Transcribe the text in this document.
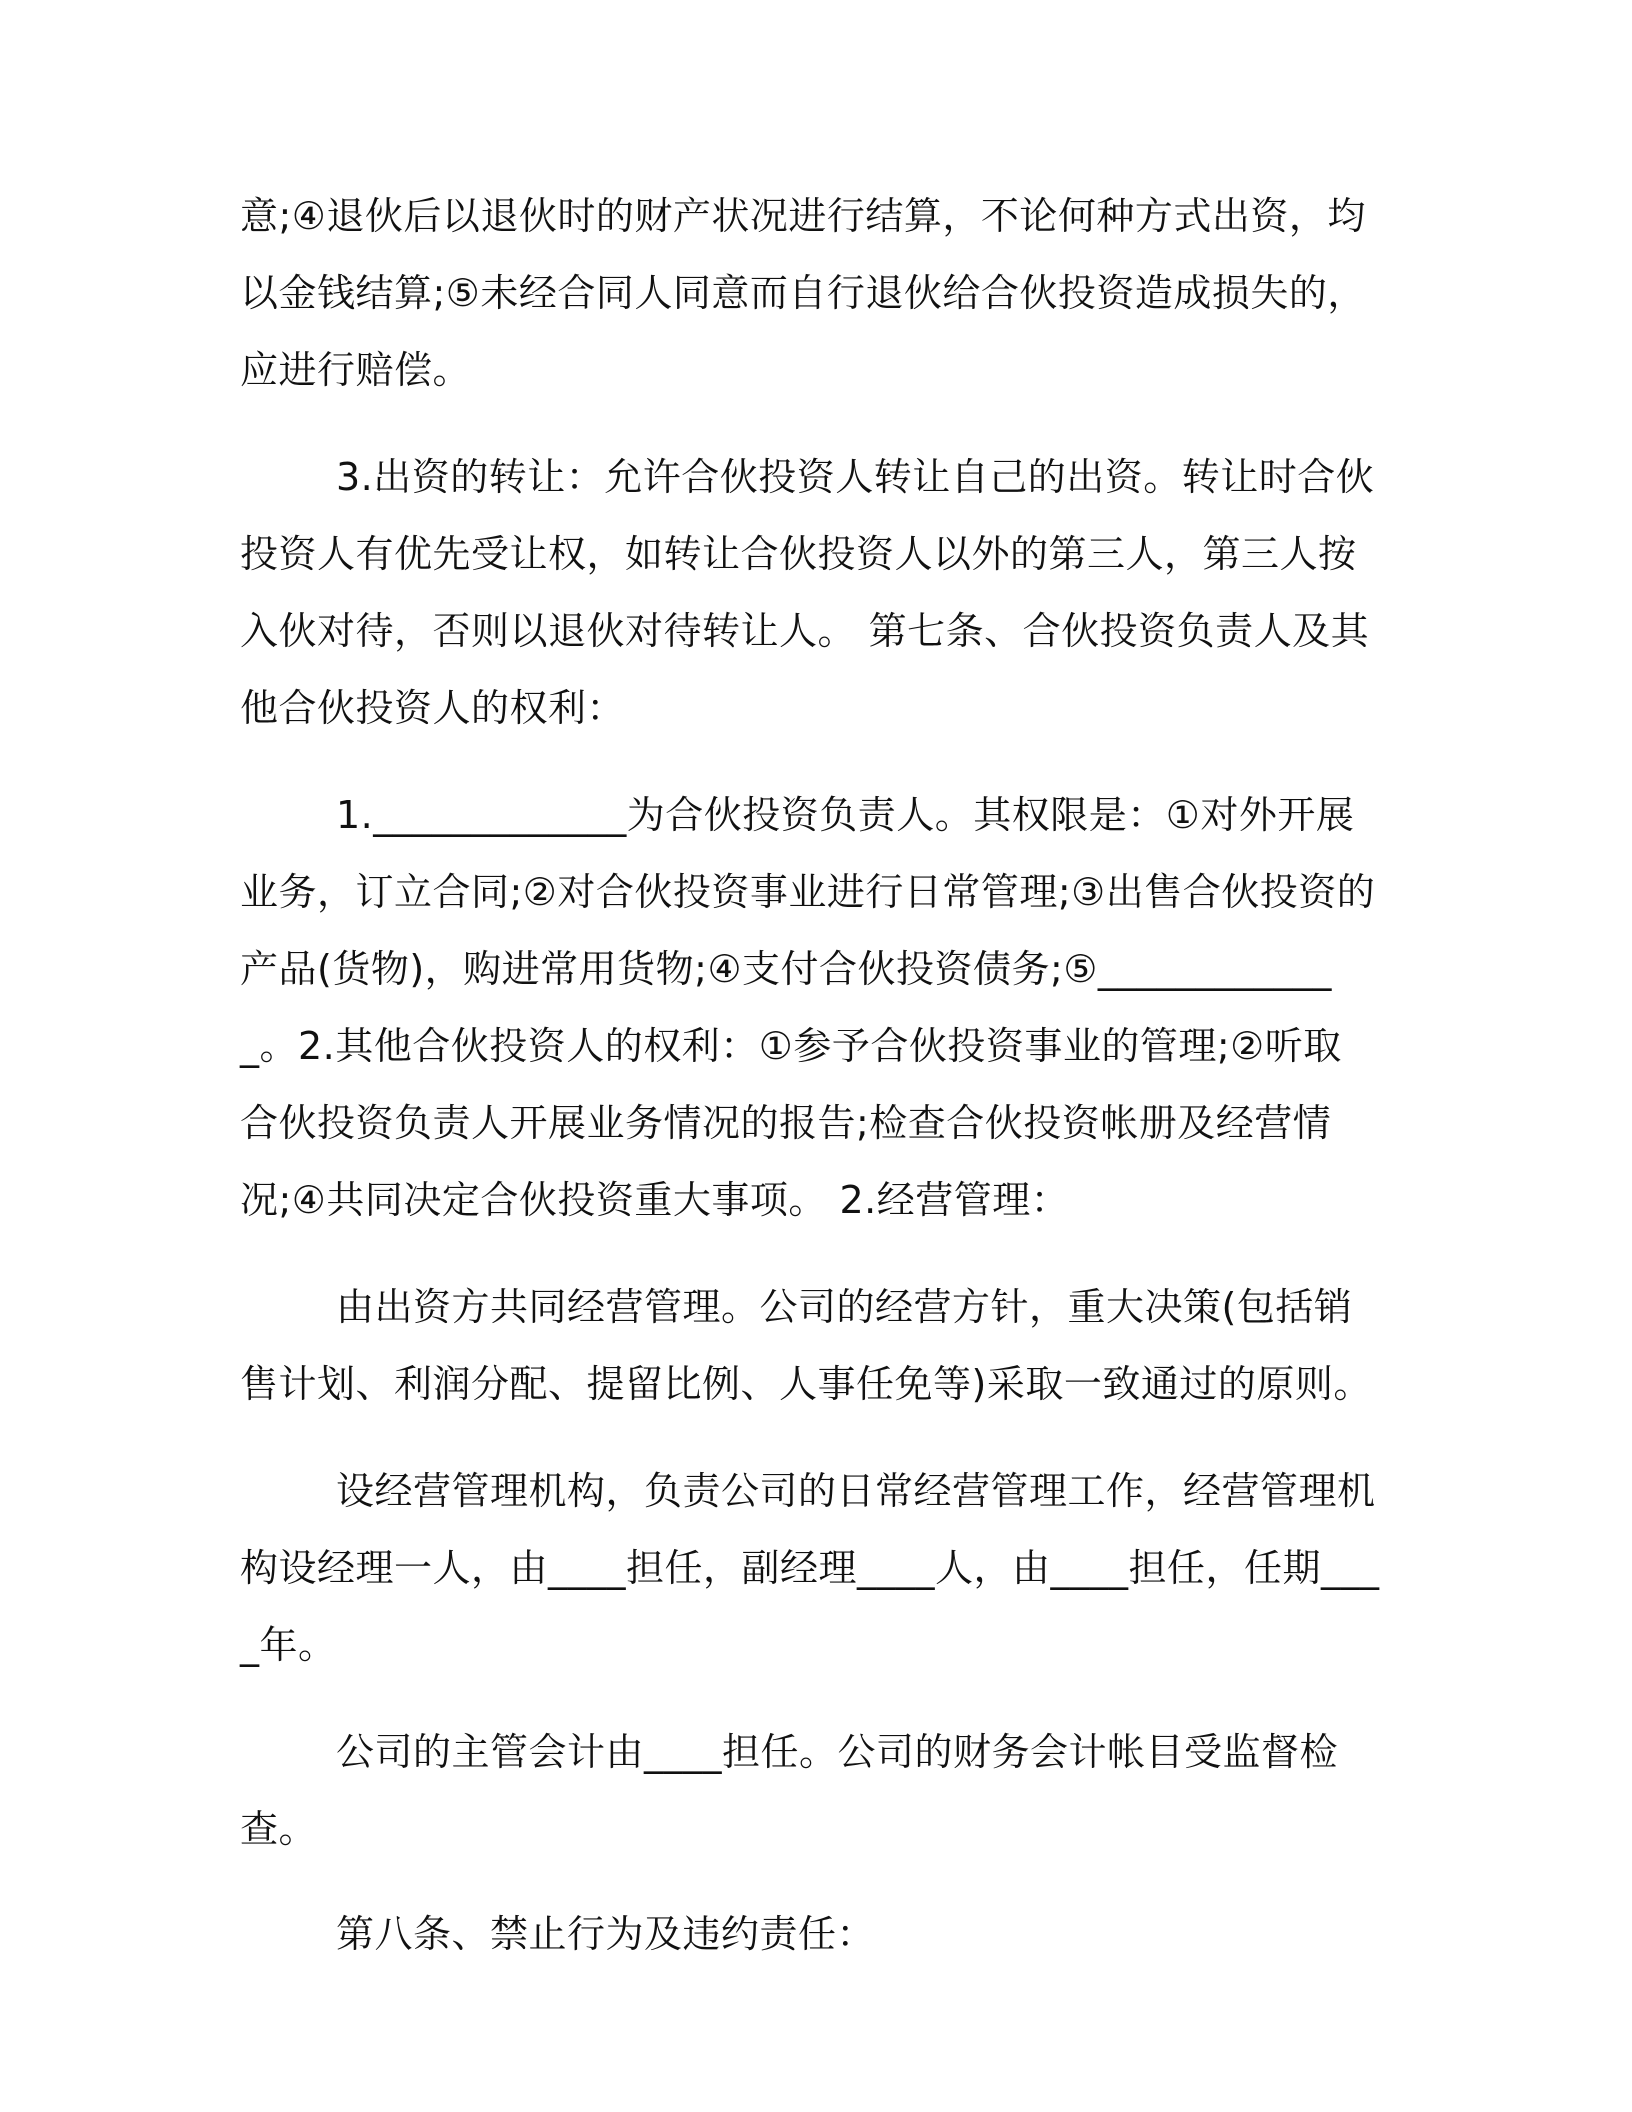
意;④退伙后以退伙时的财产状况进行结算，不论何种方式出资，均以金钱结算;⑤未经合同人同意而自行退伙给合伙投资造成损失的，应进行赔偿。

3.出资的转让：允许合伙投资人转让自己的出资。转让时合伙投资人有优先受让权，如转让合伙投资人以外的第三人，第三人按入伙对待，否则以退伙对待转让人。 第七条、合伙投资负责人及其他合伙投资人的权利：

1._____________为合伙投资负责人。其权限是：①对外开展业务，订立合同;②对合伙投资事业进行日常管理;③出售合伙投资的产品(货物)，购进常用货物;④支付合伙投资债务;⑤_____________。2.其他合伙投资人的权利：①参予合伙投资事业的管理;②听取合伙投资负责人开展业务情况的报告;检查合伙投资帐册及经营情况;④共同决定合伙投资重大事项。 2.经营管理：

由出资方共同经营管理。公司的经营方针，重大决策(包括销售计划、利润分配、提留比例、人事任免等)采取一致通过的原则。

设经营管理机构，负责公司的日常经营管理工作，经营管理机构设经理一人，由____担任，副经理____人，由____担任，任期____年。

公司的主管会计由____担任。公司的财务会计帐目受监督检查。

第八条、禁止行为及违约责任：
